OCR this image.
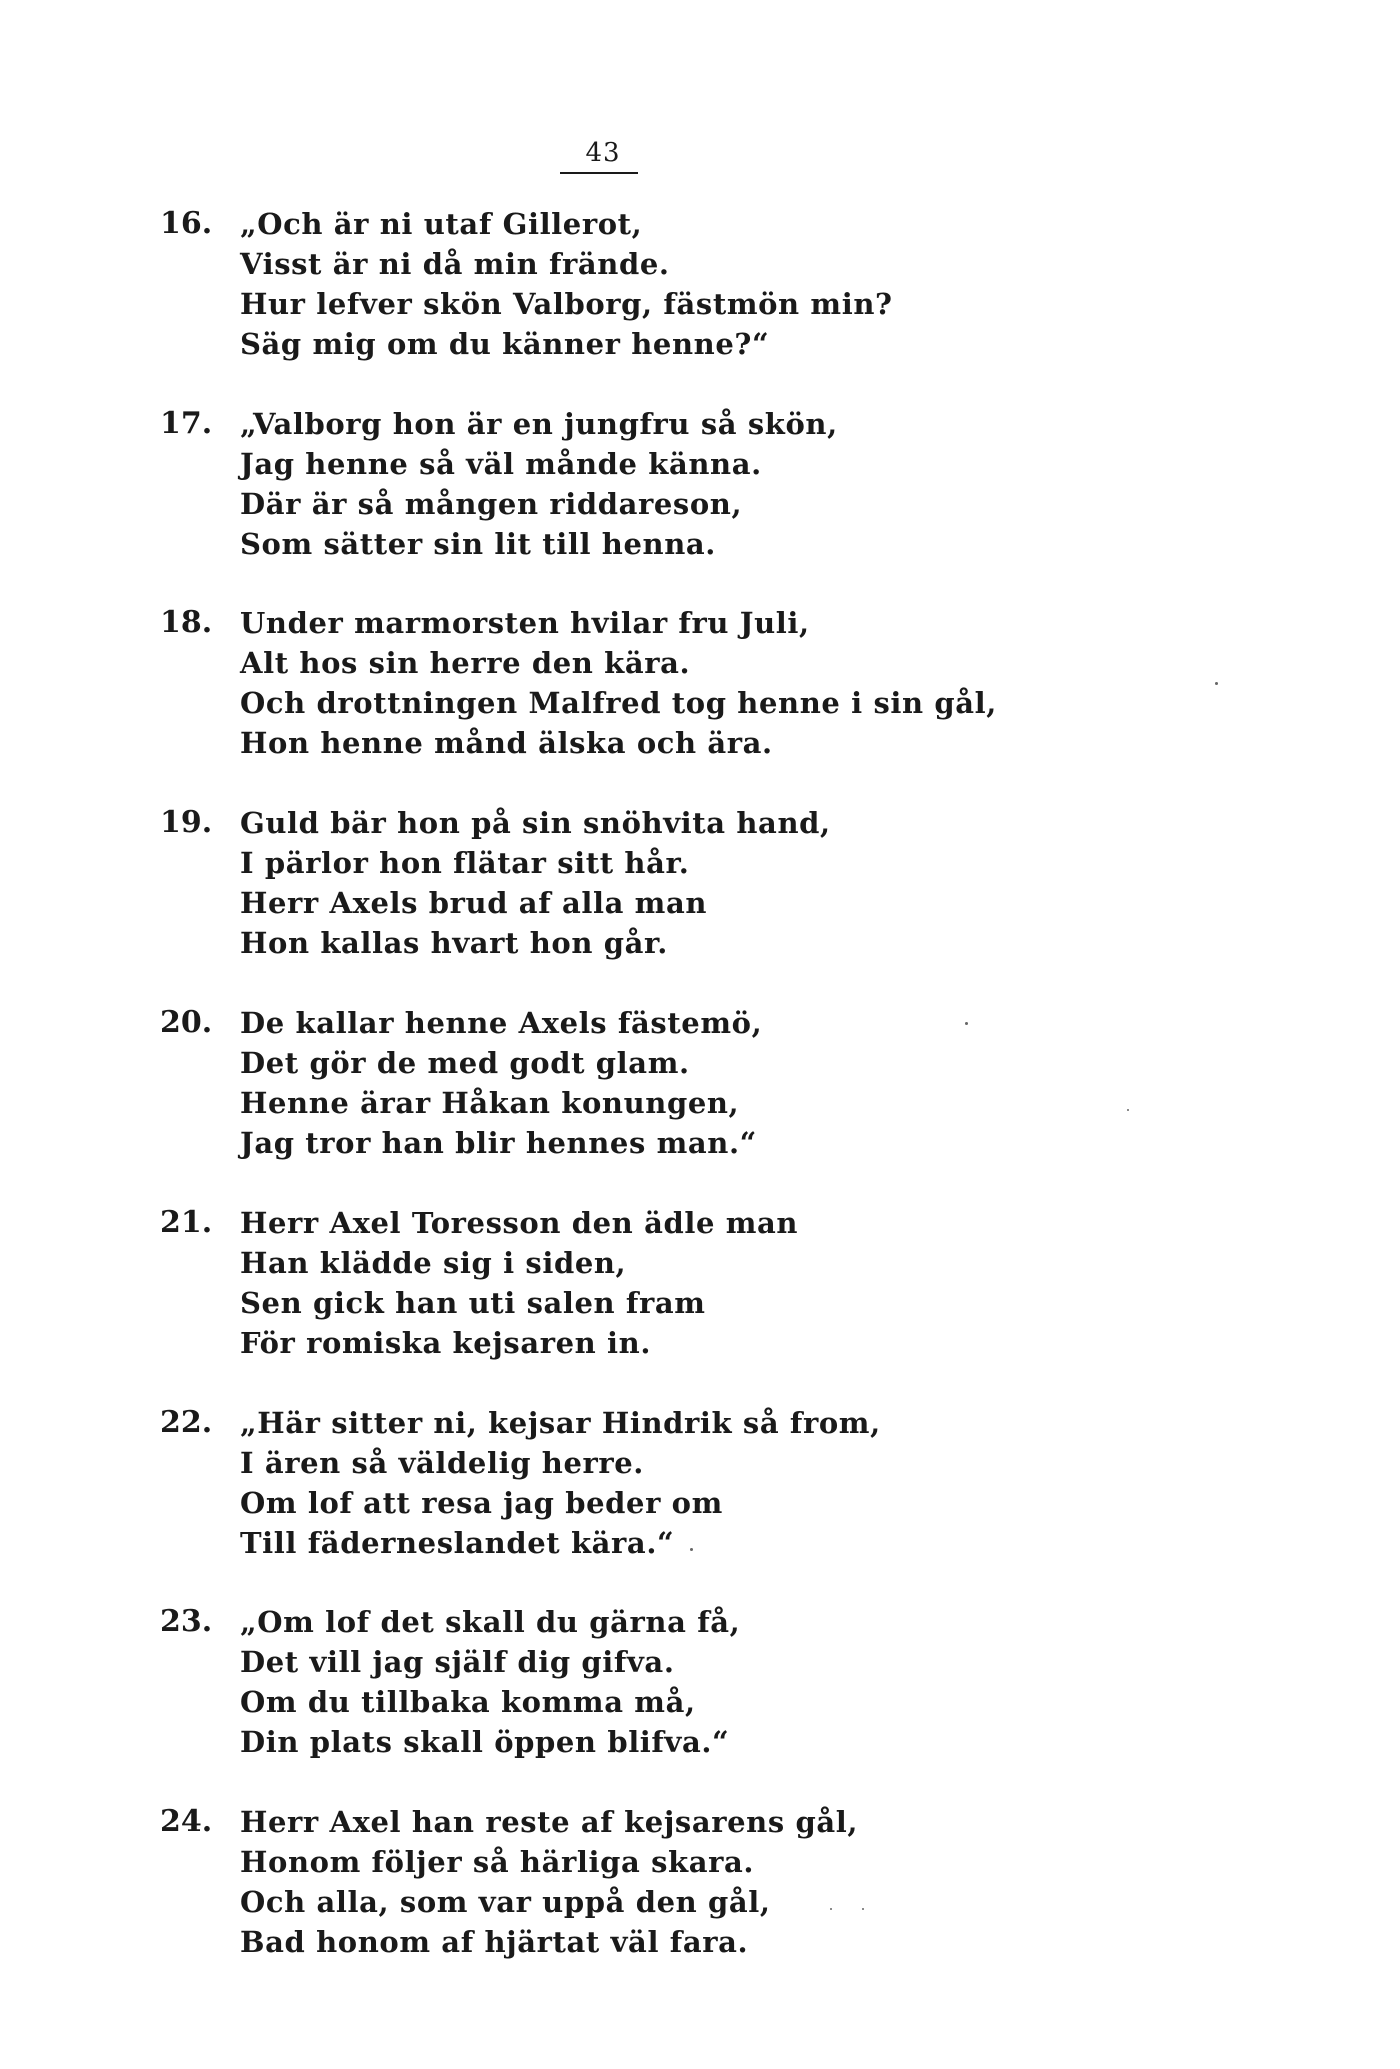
43
16. „Och är ni utaf Gillerot,
Visst är ni då min frände.
Hur lefver skön Valborg, fästmön min?
Säg mig om du känner henne?“
17. „Valborg hon är en jungfru så skön,
Jag henne så väl månde känna.
Där är så mången riddareson,
Som sätter sin lit till henna.
18. Under marmorsten hvilar fru Juli,
Alt hos sin herre den kära.
Och drottningen Malfred tog henne i sin gål,
Hon henne månd älska och ära.
19. Guld bär hon på sin snöhvita hand,
I pärlor hon flätar sitt hår.
Herr Axels brud af alla man
Hon kallas hvart hon går.
20. De kallar henne Axels fästemö,
Det gör de med godt glam.
Henne ärar Håkan konungen,
Jag tror han blir hennes man.“
21. Herr Axel Toresson den ädle man
Han klädde sig i siden,
Sen gick han uti salen fram
För romiska kejsaren in.
22. „Här sitter ni, kejsar Hindrik så from,
I ären så väldelig herre.
Om lof att resa jag beder om
Till fäderneslandet kära.“
23. „Om lof det skall du gärna få,
Det vill jag själf dig gifva.
Om du tillbaka komma må,
Din plats skall öppen blifva.“
24. Herr Axel han reste af kejsarens gål,
Honom följer så härliga skara.
Och alla, som var uppå den gål,
Bad honom af hjärtat väl fara.
